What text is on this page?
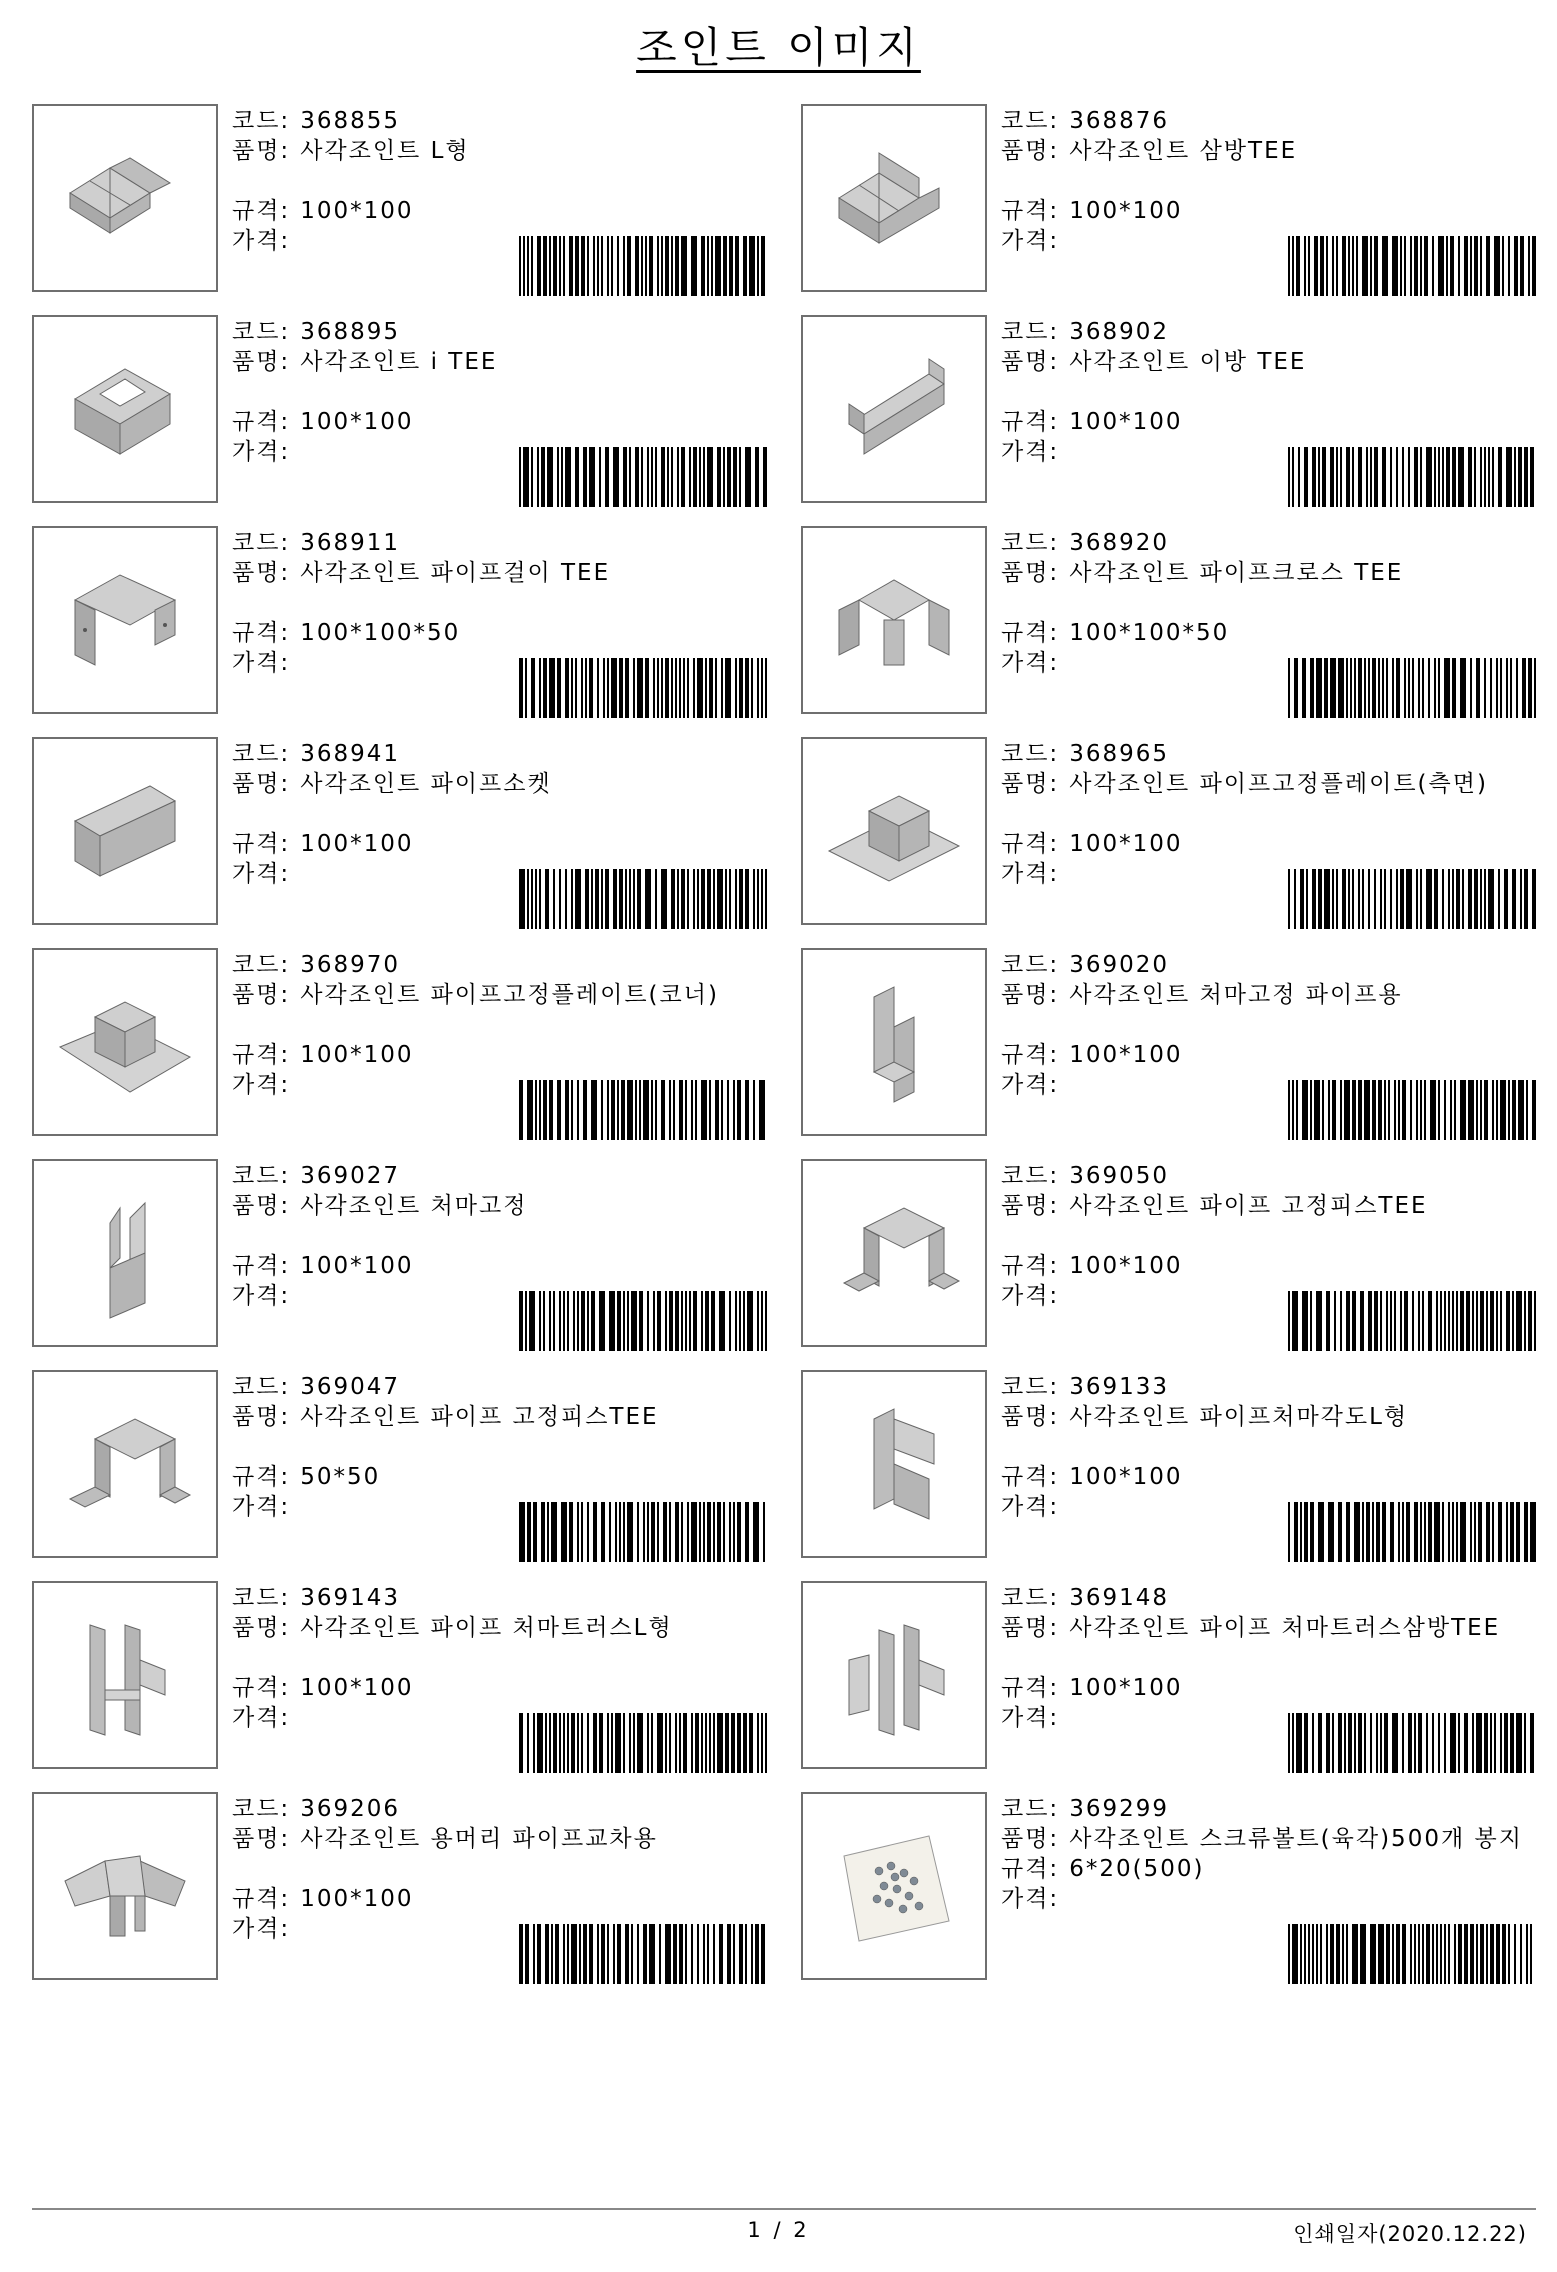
조인트 이미지
코드: 368855
품명: 사각조인트 L형
규격: 100*100
가격:
코드: 368876
품명: 사각조인트 삼방TEE
규격: 100*100
가격:
코드: 368895
품명: 사각조인트 i TEE
규격: 100*100
가격:
코드: 368902
품명: 사각조인트 이방 TEE
규격: 100*100
가격:
코드: 368911
품명: 사각조인트 파이프걸이 TEE
규격: 100*100*50
가격:
코드: 368920
품명: 사각조인트 파이프크로스 TEE
규격: 100*100*50
가격:
코드: 368941
품명: 사각조인트 파이프소켓
규격: 100*100
가격:
코드: 368965
품명: 사각조인트 파이프고정플레이트(측면)
규격: 100*100
가격:
코드: 368970
품명: 사각조인트 파이프고정플레이트(코너)
규격: 100*100
가격:
코드: 369020
품명: 사각조인트 처마고정 파이프용
규격: 100*100
가격:
코드: 369027
품명: 사각조인트 처마고정
규격: 100*100
가격:
코드: 369050
품명: 사각조인트 파이프 고정피스TEE
규격: 100*100
가격:
코드: 369047
품명: 사각조인트 파이프 고정피스TEE
규격: 50*50
가격:
코드: 369133
품명: 사각조인트 파이프처마각도L형
규격: 100*100
가격:
코드: 369143
품명: 사각조인트 파이프 처마트러스L형
규격: 100*100
가격:
코드: 369148
품명: 사각조인트 파이프 처마트러스삼방TEE
규격: 100*100
가격:
코드: 369206
품명: 사각조인트 용머리 파이프교차용
규격: 100*100
가격:
코드: 369299
품명: 사각조인트 스크류볼트(육각)500개 봉지
규격: 6*20(500)
가격:
1 / 2	인쇄일자(2020.12.22)
